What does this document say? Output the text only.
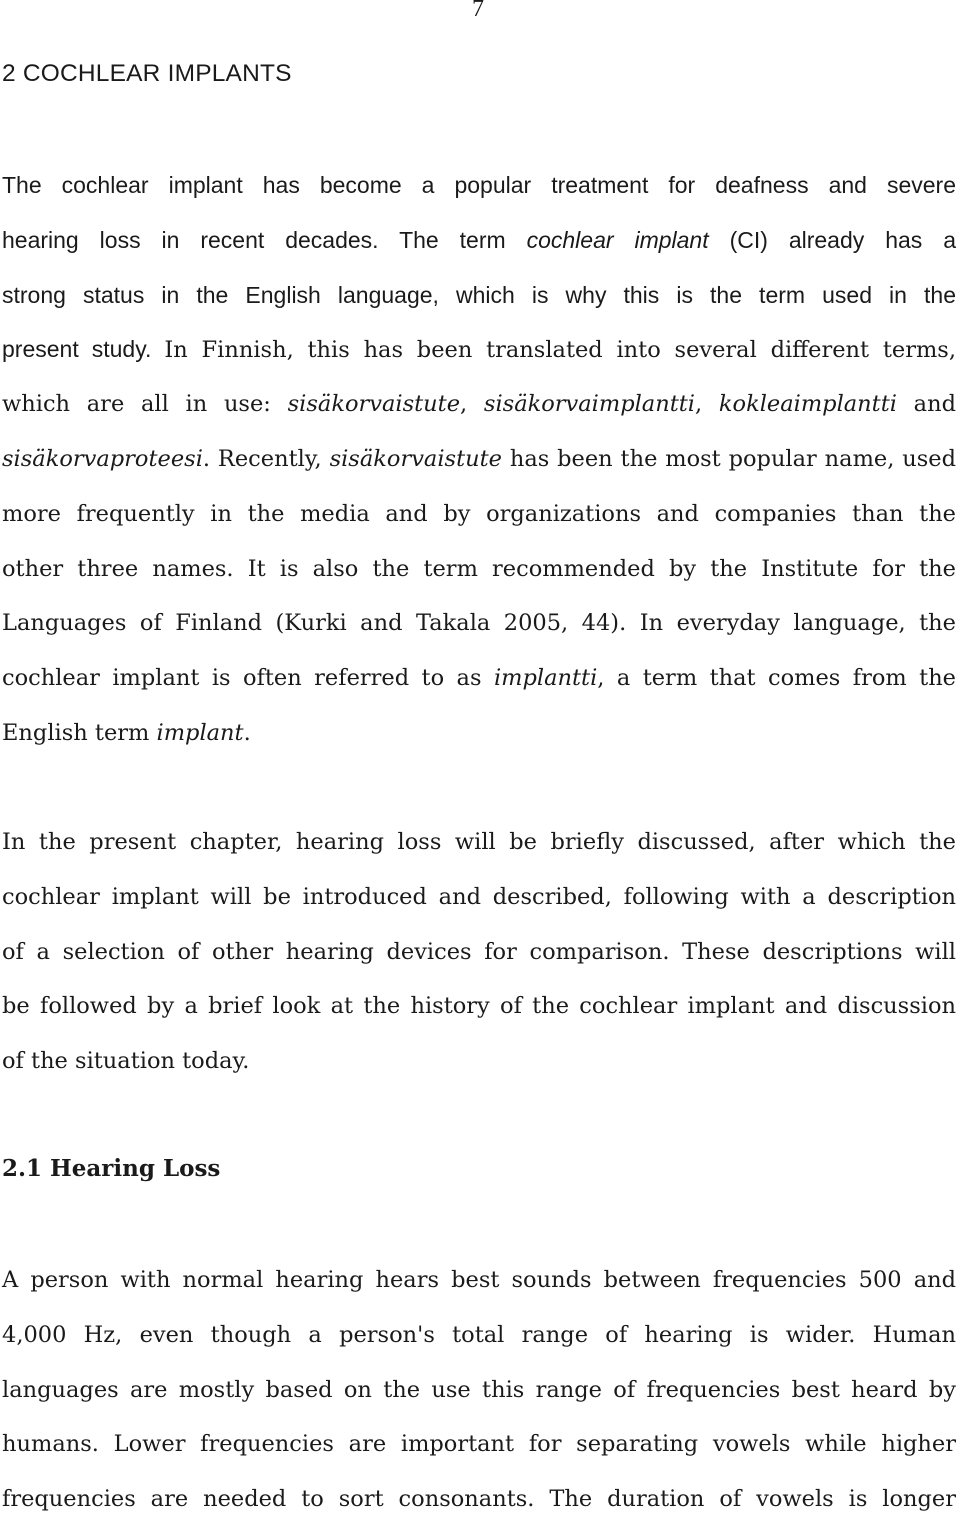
7
2 COCHLEAR IMPLANTS
The cochlear implant has become a popular treatment for deafness and severe
hearing loss in recent decades. The term cochlear implant (CI) already has a
strong status in the English language, which is why this is the term used in the
present study. In Finnish, this has been translated into several different terms,
which are all in use: sisäkorvaistute, sisäkorvaimplantti, kokleaimplantti and
sisäkorvaproteesi. Recently, sisäkorvaistute has been the most popular name, used
more frequently in the media and by organizations and companies than the
other three names. It is also the term recommended by the Institute for the
Languages of Finland (Kurki and Takala 2005, 44). In everyday language, the
cochlear implant is often referred to as implantti, a term that comes from the
English term implant.
In the present chapter, hearing loss will be briefly discussed, after which the
cochlear implant will be introduced and described, following with a description
of a selection of other hearing devices for comparison. These descriptions will
be followed by a brief look at the history of the cochlear implant and discussion
of the situation today.
2.1 Hearing Loss
A person with normal hearing hears best sounds between frequencies 500 and
4,000 Hz, even though a person's total range of hearing is wider. Human
languages are mostly based on the use this range of frequencies best heard by
humans. Lower frequencies are important for separating vowels while higher
frequencies are needed to sort consonants. The duration of vowels is longer
